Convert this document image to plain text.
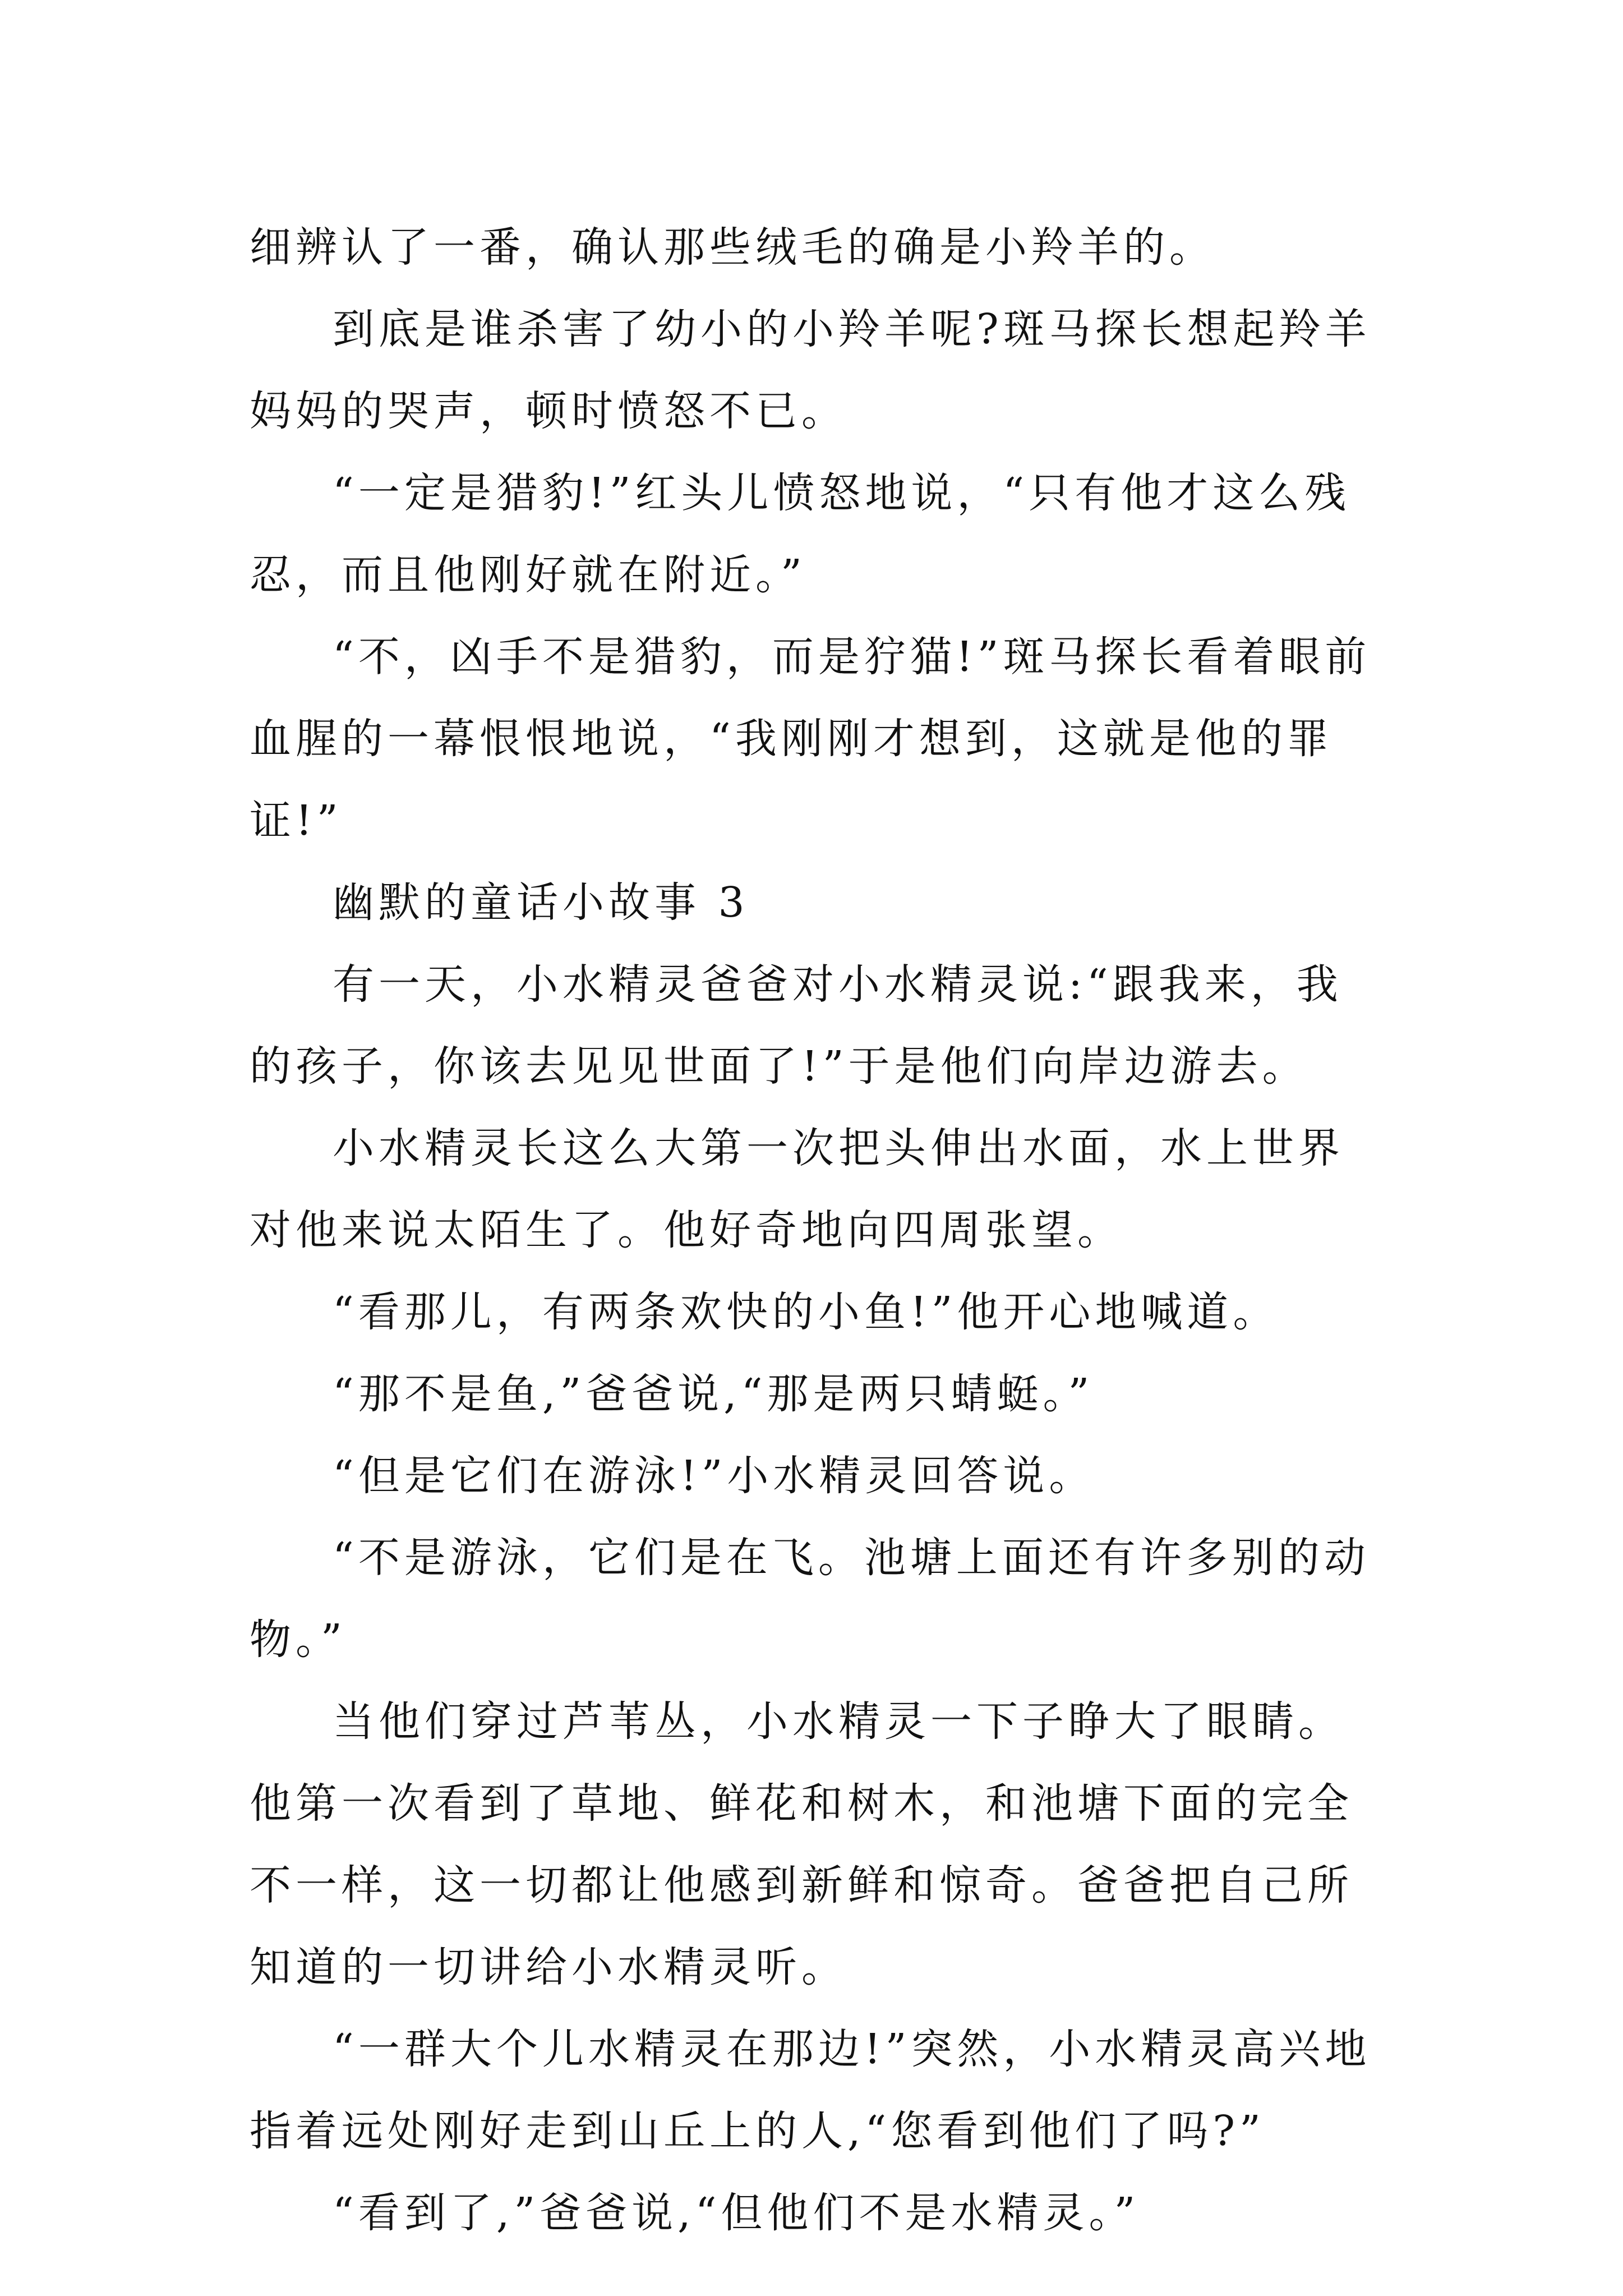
细辨认了一番，确认那些绒毛的确是小羚羊的。

到底是谁杀害了幼小的小羚羊呢?斑马探长想起羚羊妈妈的哭声，顿时愤怒不已。

“一定是猎豹!”红头儿愤怒地说，“只有他才这么残忍，而且他刚好就在附近。”

“不，凶手不是猎豹，而是狞猫!”斑马探长看着眼前血腥的一幕恨恨地说，“我刚刚才想到，这就是他的罪证!”

幽默的童话小故事 3

有一天，小水精灵爸爸对小水精灵说:“跟我来，我的孩子，你该去见见世面了!”于是他们向岸边游去。

小水精灵长这么大第一次把头伸出水面，水上世界对他来说太陌生了。他好奇地向四周张望。

“看那儿，有两条欢快的小鱼!”他开心地喊道。

“那不是鱼,”爸爸说,“那是两只蜻蜓。”

“但是它们在游泳!”小水精灵回答说。

“不是游泳，它们是在飞。池塘上面还有许多别的动物。”

当他们穿过芦苇丛，小水精灵一下子睁大了眼睛。他第一次看到了草地、鲜花和树木，和池塘下面的完全不一样，这一切都让他感到新鲜和惊奇。爸爸把自己所知道的一切讲给小水精灵听。

“一群大个儿水精灵在那边!”突然，小水精灵高兴地指着远处刚好走到山丘上的人,“您看到他们了吗?”

“看到了,”爸爸说,“但他们不是水精灵。”
